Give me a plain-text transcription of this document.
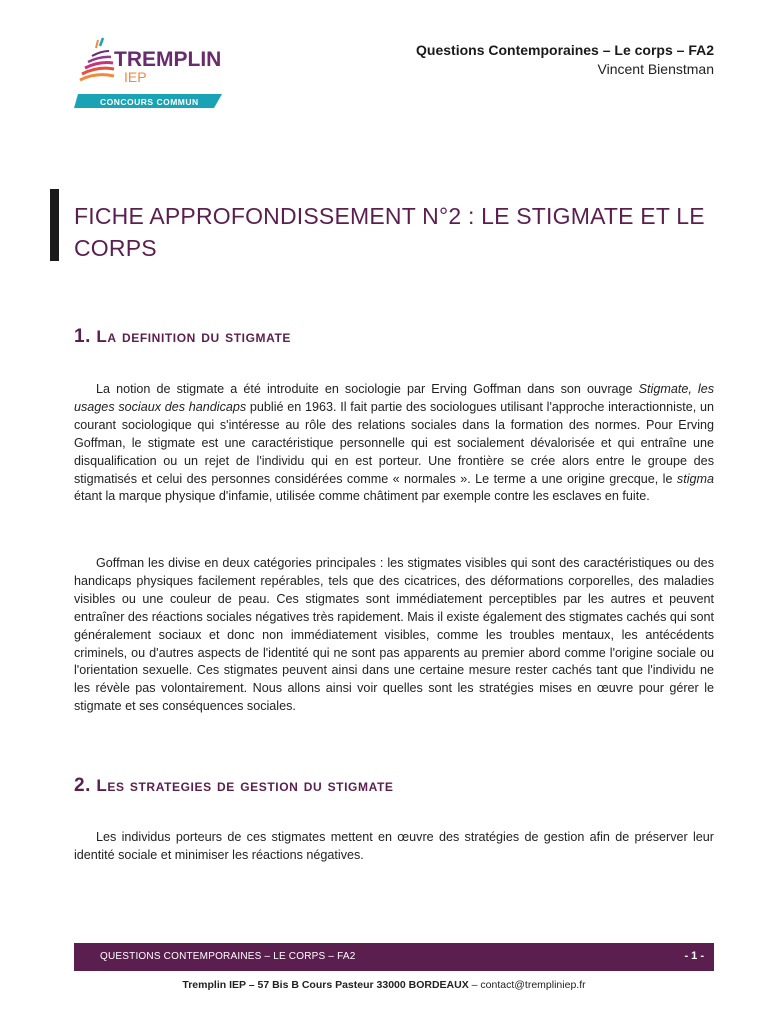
TREMPLIN
IEP
CONCOURS COMMUN
Questions Contemporaines – Le corps – FA2
Vincent Bienstman
FICHE APPROFONDISSEMENT N°2 : LE STIGMATE ET LE CORPS
1. La definition du stigmate

La notion de stigmate a été introduite en sociologie par Erving Goffman dans son ouvrage Stigmate, les usages sociaux des handicaps publié en 1963. Il fait partie des sociologues utilisant l'approche interactionniste, un courant sociologique qui s'intéresse au rôle des relations sociales dans la formation des normes. Pour Erving Goffman, le stigmate est une caractéristique personnelle qui est socialement dévalorisée et qui entraîne une disqualification ou un rejet de l'individu qui en est porteur. Une frontière se crée alors entre le groupe des stigmatisés et celui des personnes considérées comme « normales ». Le terme a une origine grecque, le stigma étant la marque physique d'infamie, utilisée comme châtiment par exemple contre les esclaves en fuite.

Goffman les divise en deux catégories principales : les stigmates visibles qui sont des caractéristiques ou des handicaps physiques facilement repérables, tels que des cicatrices, des déformations corporelles, des maladies visibles ou une couleur de peau. Ces stigmates sont immédiatement perceptibles par les autres et peuvent entraîner des réactions sociales négatives très rapidement. Mais il existe également des stigmates cachés qui sont généralement sociaux et donc non immédiatement visibles, comme les troubles mentaux, les antécédents criminels, ou d'autres aspects de l'identité qui ne sont pas apparents au premier abord comme l'origine sociale ou l'orientation sexuelle. Ces stigmates peuvent ainsi dans une certaine mesure rester cachés tant que l'individu ne les révèle pas volontairement. Nous allons ainsi voir quelles sont les stratégies mises en œuvre pour gérer le stigmate et ses conséquences sociales.

2. Les strategies de gestion du stigmate

Les individus porteurs de ces stigmates mettent en œuvre des stratégies de gestion afin de préserver leur identité sociale et minimiser les réactions négatives.

QUESTIONS CONTEMPORAINES – LE CORPS – FA2	- 1 -
Tremplin IEP – 57 Bis B Cours Pasteur 33000 BORDEAUX – contact@trempliniep.fr
